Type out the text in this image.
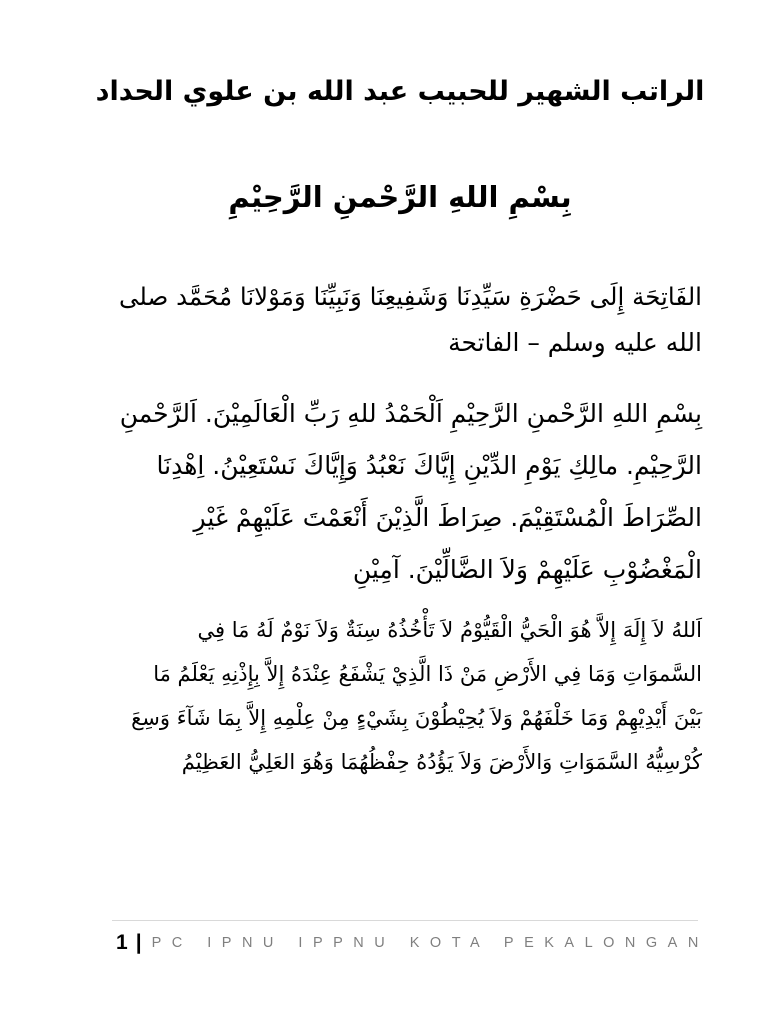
الراتب الشهير للحبيب عبد الله بن علوي الحداد
بِسْمِ اللهِ الرَّحْمنِ الرَّحِيْمِ

الفَاتِحَة إِلَى حَضْرَةِ سَيِّدِنَا وَشَفِيعِنَا وَنَبِيِّنَا وَمَوْلانَا مُحَمَّد صلى
الله عليه وسلم – الفاتحة

بِسْمِ اللهِ الرَّحْمنِ الرَّحِيْمِ اَلْحَمْدُ للهِ رَبِّ الْعَالَمِيْنَ. اَلرَّحْمنِ
الرَّحِيْمِ. مالِكِ يَوْمِ الدِّيْنِ إِيَّاكَ نَعْبُدُ وَإِيَّاكَ نَسْتَعِيْنُ. اِهْدِنَا
الصِّرَاطَ الْمُسْتَقِيْمَ. صِرَاطَ الَّذِيْنَ أَنْعَمْتَ عَلَيْهِمْ غَيْرِ
الْمَغْضُوْبِ عَلَيْهِمْ وَلاَ الضَّالِّيْنَ. آمِيْنِ

اَللهُ لاَ إِلَهَ إِلاَّ هُوَ الْحَيُّ الْقَيُّوْمُ لاَ تَأْخُذُهُ سِنَةٌ وَلاَ نَوْمٌ لَهُ مَا فِي
السَّموَاتِ وَمَا فِي الأَرْضِ مَنْ ذَا الَّذِيْ يَشْفَعُ عِنْدَهُ إِلاَّ بِإِذْنِهِ يَعْلَمُ مَا
بَيْنَ أَيْدِيْهِمْ وَمَا خَلْفَهُمْ وَلاَ يُحِيْطُوْنَ بِشَيْءٍ مِنْ عِلْمِهِ إِلاَّ بِمَا شَآءَ وَسِعَ
كُرْسِيُّهُ السَّمَوَاتِ وَالأَرْضَ وَلاَ يَؤُدُهُ حِفْظُهُمَا وَهُوَ العَلِيُّ العَظِيْمُ

1 | PC IPNU IPPNU KOTA PEKALONGAN
